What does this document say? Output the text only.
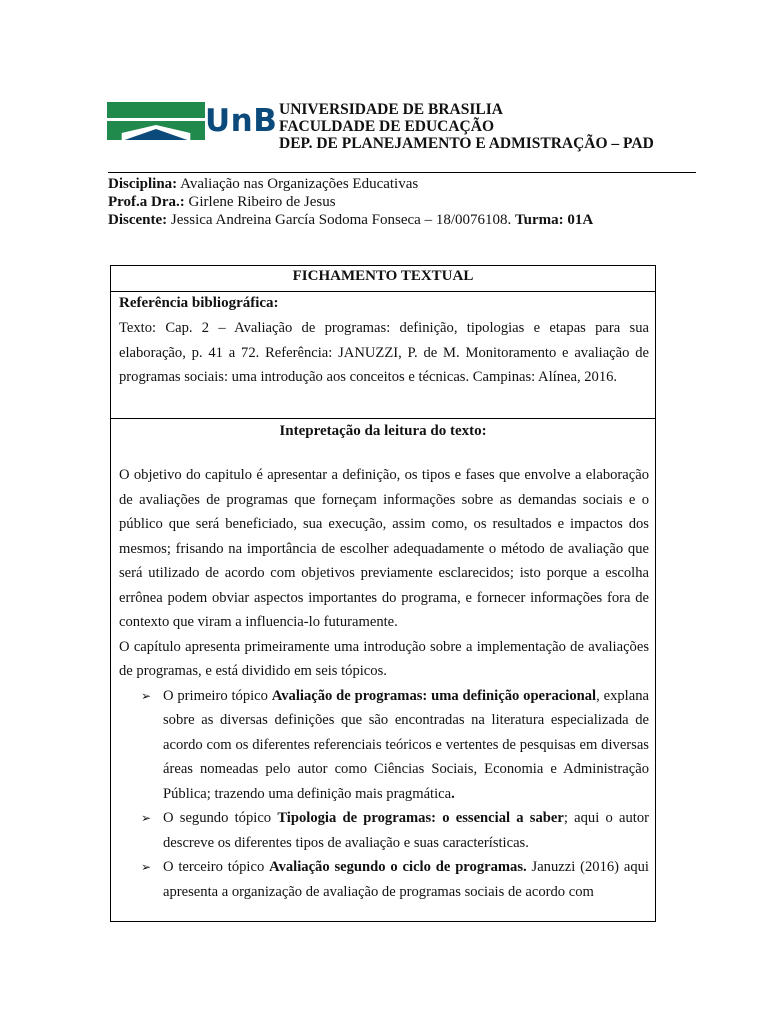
UnB UNIVERSIDADE DE BRASILIA
FACULDADE DE EDUCAÇÃO
DEP. DE PLANEJAMENTO E ADMISTRAÇÃO – PAD
Disciplina: Avaliação nas Organizações Educativas
Prof.a Dra.: Girlene Ribeiro de Jesus
Discente: Jessica Andreina García Sodoma Fonseca – 18/0076108. Turma: 01A
FICHAMENTO TEXTUAL
Referência bibliográfica:
Texto: Cap. 2 – Avaliação de programas: definição, tipologias e etapas para sua elaboração, p. 41 a 72. Referência: JANUZZI, P. de M. Monitoramento e avaliação de programas sociais: uma introdução aos conceitos e técnicas. Campinas: Alínea, 2016.
Intepretação da leitura do texto:

O objetivo do capitulo é apresentar a definição, os tipos e fases que envolve a elaboração de avaliações de programas que forneçam informações sobre as demandas sociais e o público que será beneficiado, sua execução, assim como, os resultados e impactos dos mesmos; frisando na importância de escolher adequadamente o método de avaliação que será utilizado de acordo com objetivos previamente esclarecidos; isto porque a escolha errônea podem obviar aspectos importantes do programa, e fornecer informações fora de contexto que viram a influencia-lo futuramente.

O capítulo apresenta primeiramente uma introdução sobre a implementação de avaliações de programas, e está dividido em seis tópicos.

➢ O primeiro tópico Avaliação de programas: uma definição operacional, explana sobre as diversas definições que são encontradas na literatura especializada de acordo com os diferentes referenciais teóricos e vertentes de pesquisas em diversas áreas nomeadas pelo autor como Ciências Sociais, Economia e Administração Pública; trazendo uma definição mais pragmática.
➢ O segundo tópico Tipologia de programas: o essencial a saber; aqui o autor descreve os diferentes tipos de avaliação e suas características.
➢ O terceiro tópico Avaliação segundo o ciclo de programas. Januzzi (2016) aqui apresenta a organização de avaliação de programas sociais de acordo com
